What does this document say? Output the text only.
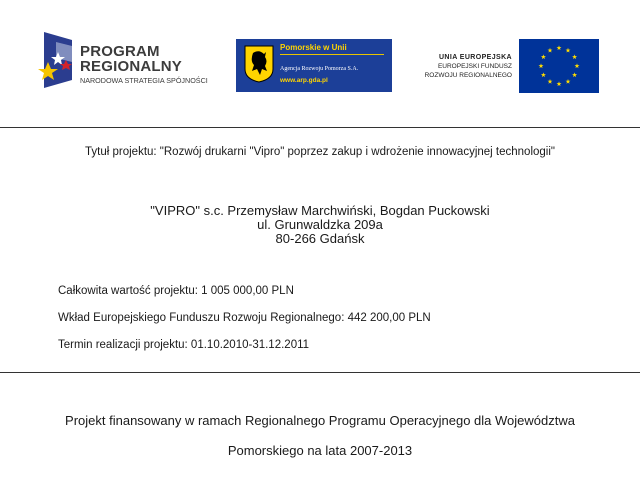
PROGRAM
REGIONALNY
NARODOWA STRATEGIA SPÓJNOŚCI
Pomorskie w Unii
Agencja Rozwoju Pomorza S.A.
www.arp.gda.pl
UNIA EUROPEJSKA
EUROPEJSKI FUNDUSZ
ROZWOJU REGIONALNEGO
Tytuł projektu: "Rozwój drukarni "Vipro" poprzez zakup i wdrożenie innowacyjnej technologii"
"VIPRO" s.c. Przemysław Marchwiński, Bogdan Puckowski
ul. Grunwaldzka 209a
80-266 Gdańsk
Całkowita wartość projektu: 1 005 000,00 PLN
Wkład Europejskiego Funduszu Rozwoju Regionalnego: 442 200,00 PLN
Termin realizacji projektu: 01.10.2010-31.12.2011
Projekt finansowany w ramach Regionalnego Programu Operacyjnego dla Województwa
Pomorskiego na lata 2007-2013
